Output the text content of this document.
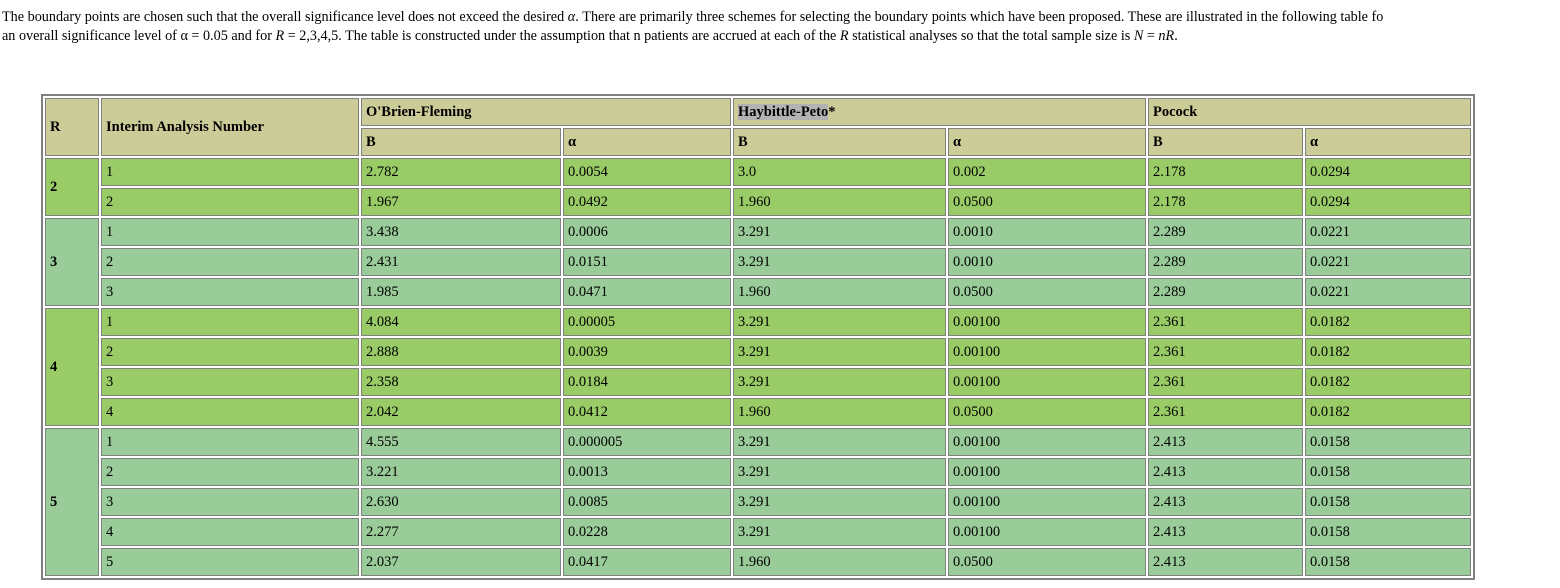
The boundary points are chosen such that the overall significance level does not exceed the desired α. There are primarily three schemes for selecting the boundary points which have been proposed. These are illustrated in the following table fo
an overall significance level of α = 0.05 and for R = 2,3,4,5. The table is constructed under the assumption that n patients are accrued at each of the R statistical analyses so that the total sample size is N = nR.
R	Interim Analysis Number	O'Brien-Fleming		Haybittle-Peto*		Pocock	
		B	α	B	α	B	α
2	1	2.782	0.0054	3.0	0.002	2.178	0.0294
	2	1.967	0.0492	1.960	0.0500	2.178	0.0294
3	1	3.438	0.0006	3.291	0.0010	2.289	0.0221
	2	2.431	0.0151	3.291	0.0010	2.289	0.0221
	3	1.985	0.0471	1.960	0.0500	2.289	0.0221
4	1	4.084	0.00005	3.291	0.00100	2.361	0.0182
	2	2.888	0.0039	3.291	0.00100	2.361	0.0182
	3	2.358	0.0184	3.291	0.00100	2.361	0.0182
	4	2.042	0.0412	1.960	0.0500	2.361	0.0182
5	1	4.555	0.000005	3.291	0.00100	2.413	0.0158
	2	3.221	0.0013	3.291	0.00100	2.413	0.0158
	3	2.630	0.0085	3.291	0.00100	2.413	0.0158
	4	2.277	0.0228	3.291	0.00100	2.413	0.0158
	5	2.037	0.0417	1.960	0.0500	2.413	0.0158
